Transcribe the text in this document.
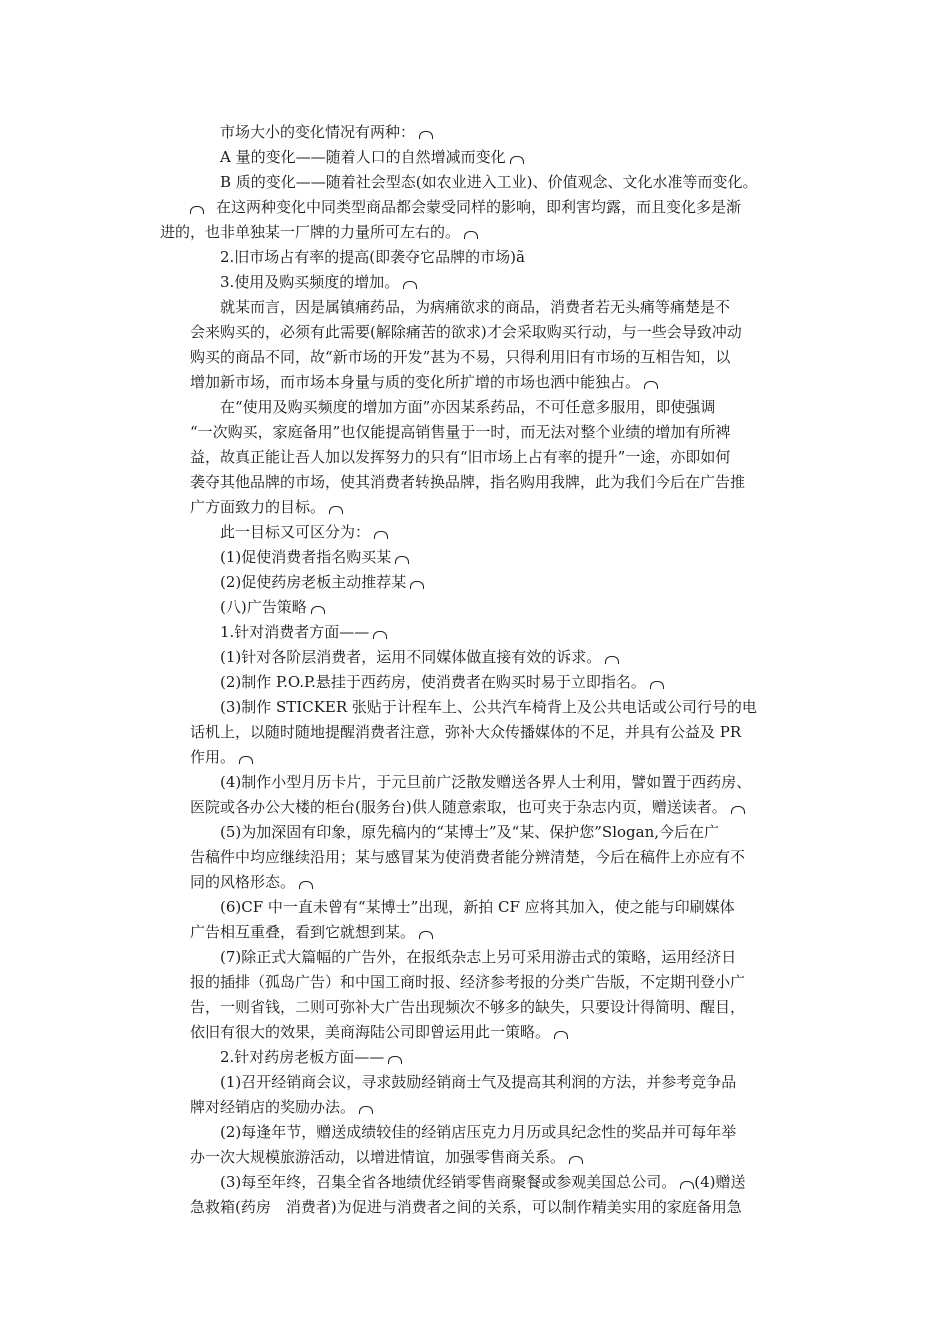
市场大小的变化情况有两种：
A 量的变化——随着人口的自然增减而变化
B 质的变化——随着社会型态(如农业进入工业)、价值观念、文化水准等而变化。
在这两种变化中同类型商品都会蒙受同样的影响，即利害均露，而且变化多是渐
进的，也非单独某一厂牌的力量所可左右的。
2.旧市场占有率的提高(即袭夺它品牌的市场)ã
3.使用及购买频度的增加。
就某而言，因是属镇痛药品，为病痛欲求的商品，消费者若无头痛等痛楚是不
会来购买的，必须有此需要(解除痛苦的欲求)才会采取购买行动，与一些会导致冲动
购买的商品不同，故“新市场的开发”甚为不易，只得利用旧有市场的互相告知，以
增加新市场，而市场本身量与质的变化所扩增的市场也洒中能独占。
在“使用及购买频度的增加方面”亦因某系药品，不可任意多服用，即使强调
“一次购买，家庭备用”也仅能提高销售量于一时，而无法对整个业绩的增加有所裨
益，故真正能让吾人加以发挥努力的只有“旧市场上占有率的提升”一途，亦即如何
袭夺其他品牌的市场，使其消费者转换品牌，指名购用我牌，此为我们今后在广告推
广方面致力的目标。
此一目标又可区分为：
(1)促使消费者指名购买某
(2)促使药房老板主动推荐某
(八)广告策略
1.针对消费者方面——
(1)针对各阶层消费者，运用不同媒体做直接有效的诉求。
(2)制作 P.O.P.悬挂于西药房，使消费者在购买时易于立即指名。
(3)制作 STICKER 张贴于计程车上、公共汽车椅背上及公共电话或公司行号的电
话机上，以随时随地提醒消费者注意，弥补大众传播媒体的不足，并具有公益及 PR
作用。
(4)制作小型月历卡片，于元旦前广泛散发赠送各界人士利用，譬如置于西药房、
医院或各办公大楼的柜台(服务台)供人随意索取，也可夹于杂志内页，赠送读者。
(5)为加深固有印象，原先稿内的“某博士”及“某、保护您”Slogan,今后在广
告稿件中均应继续沿用；某与感冒某为使消费者能分辨清楚，今后在稿件上亦应有不
同的风格形态。
(6)CF 中一直未曾有“某博士”出现，新拍 CF 应将其加入，使之能与印刷媒体
广告相互重叠，看到它就想到某。
(7)除正式大篇幅的广告外，在报纸杂志上另可采用游击式的策略，运用经济日
报的插排（孤岛广告）和中国工商时报、经济参考报的分类广告版，不定期刊登小广
告，一则省钱，二则可弥补大广告出现频次不够多的缺失，只要设计得简明、醒目，
依旧有很大的效果，美商海陆公司即曾运用此一策略。
2.针对药房老板方面——
(1)召开经销商会议，寻求鼓励经销商士气及提高其利润的方法，并参考竞争品
牌对经销店的奖励办法。
(2)每逢年节，赠送成绩较佳的经销店压克力月历或具纪念性的奖品并可每年举
办一次大规模旅游活动，以增进情谊，加强零售商关系。
(3)每至年终，召集全省各地绩优经销零售商聚餐或参观美国总公司。 (4)赠送
急救箱(药房　消费者)为促进与消费者之间的关系，可以制作精美实用的家庭备用急
